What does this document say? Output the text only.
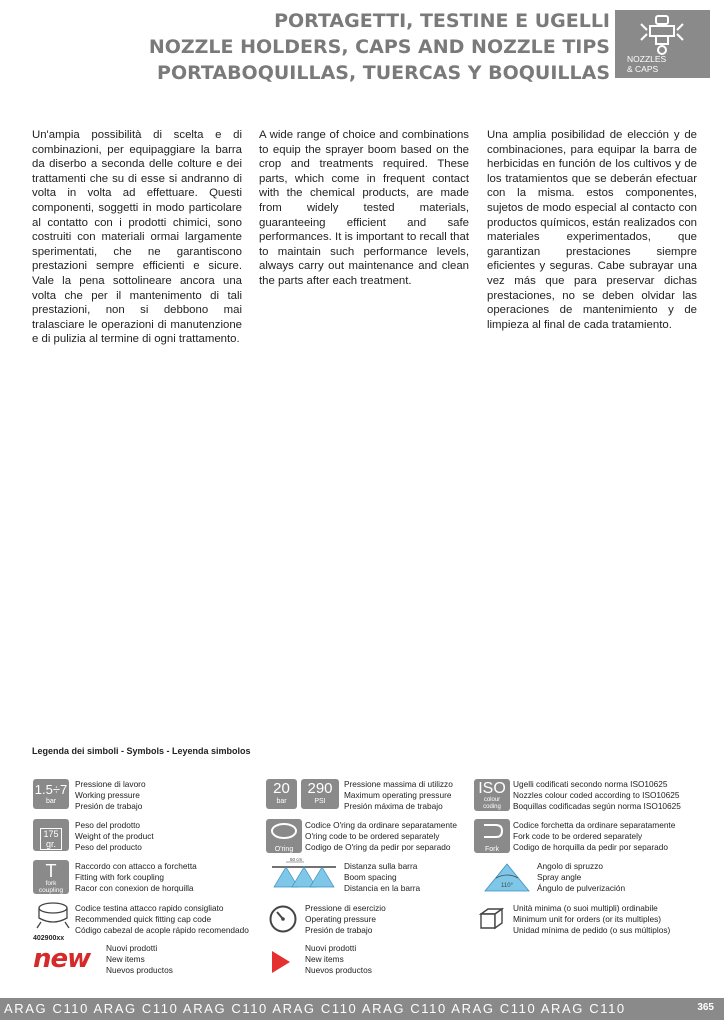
PORTAGETTI, TESTINE E UGELLI
NOZZLE HOLDERS, CAPS AND NOZZLE TIPS
PORTABOQUILLAS, TUERCAS Y BOQUILLAS
NOZZLES
& CAPS
Un'ampia possibilità di scelta e di combinazioni, per equipaggiare la barra da diserbo a seconda delle colture e dei trattamenti che su di esse si andranno di volta in volta ad effettuare. Questi componenti, soggetti in modo particolare al contatto con i prodotti chimici, sono costruiti con materiali ormai largamente sperimentati, che ne garantiscono prestazioni sempre efficienti e sicure. Vale la pena sottolineare ancora una volta che per il mantenimento di tali prestazioni, non si debbono mai tralasciare le operazioni di manutenzione e di pulizia al termine di ogni trattamento.
A wide range of choice and combinations to equip the sprayer boom based on the crop and treatments required. These parts, which come in frequent contact with the chemical products, are made from widely tested materials, guaranteeing efficient and safe performances. It is important to recall that to maintain such performance levels, always carry out maintenance and clean the parts after each treatment.
Una amplia posibilidad de elección y de combinaciones, para equipar la barra de herbicidas en función de los cultivos y de los tratamientos que se deberán efectuar con la misma. estos componentes, sujetos de modo especial al contacto con productos químicos, están realizados con materiales experimentados, que garantizan prestaciones siempre eficientes y seguras. Cabe subrayar una vez más que para preservar dichas prestaciones, no se deben olvidar las operaciones de mantenimiento y de limpieza al final de cada tratamiento.
Legenda dei simboli - Symbols - Leyenda simbolos
1.5÷7
bar
175
gr.
T
fork
coupling
402900xx
new
Pressione di lavoro
Working pressure
Presión de trabajo
Peso del prodotto
Weight of the product
Peso del producto
Raccordo con attacco a forchetta
Fitting with fork coupling
Racor con conexion de horquilla
Codice testina attacco rapido consigliato
Recommended quick fitting cap code
Código cabezal de acople rápido recomendado
Nuovi prodotti
New items
Nuevos productos
20
bar
290
PSI
O'ring
50 cm
Pressione massima di utilizzo
Maximum operating pressure
Presión máxima de trabajo
Codice O'ring da ordinare separatamente
O'ring code to be ordered separately
Codigo de O'ring da pedir por separado
Distanza sulla barra
Boom spacing
Distancia en la barra
Pressione di esercizio
Operating pressure
Presión de trabajo
Nuovi prodotti
New items
Nuevos productos
ISO
colour
coding
Fork
110°
Ugelli codificati secondo norma ISO10625
Nozzles colour coded according to ISO10625
Boquillas codificadas según norma ISO10625
Codice forchetta da ordinare separatamente
Fork code to be ordered separately
Codigo de horquilla da pedir por separado
Angolo di spruzzo
Spray angle
Ángulo de pulverización
Unità minima (o suoi multipli) ordinabile
Minimum unit for orders (or its multiples)
Unidad mínima de pedido (o sus múltiplos)
ARAG C110 ARAG C110 ARAG C110 ARAG C110 ARAG C110 ARAG C110 ARAG C110	365
